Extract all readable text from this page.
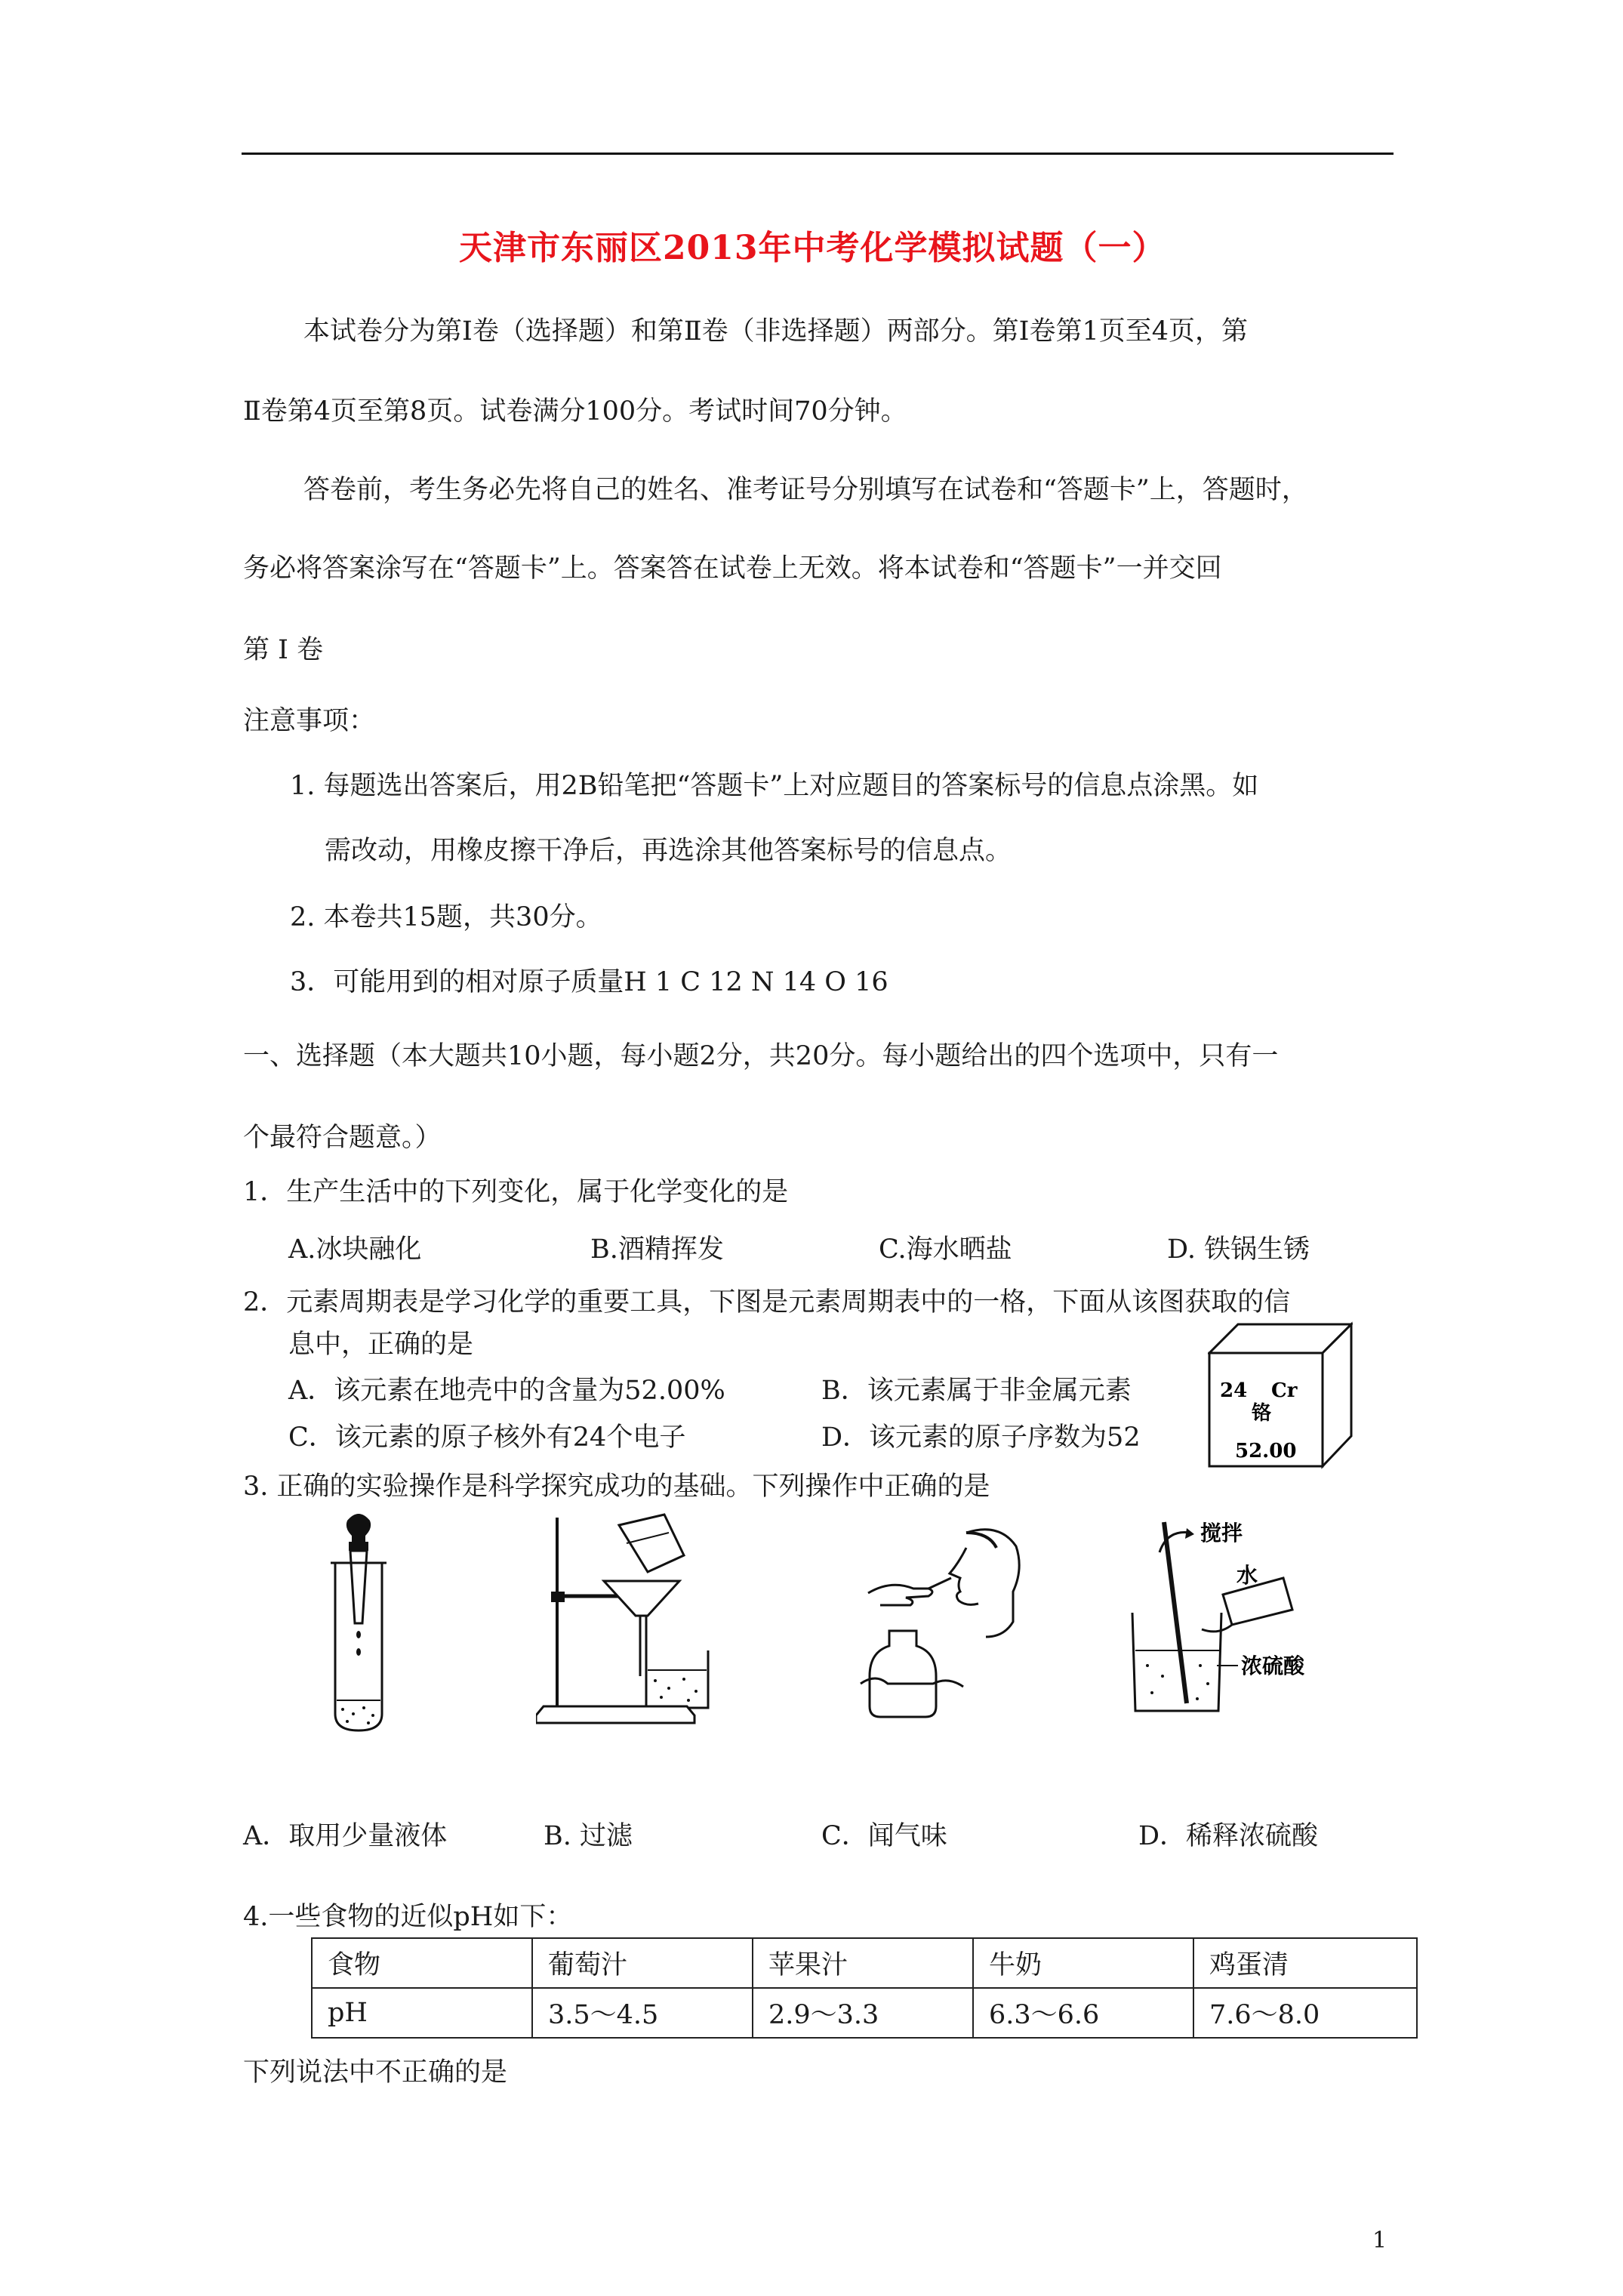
天津市东丽区2013年中考化学模拟试题（一）
本试卷分为第Ⅰ卷（选择题）和第Ⅱ卷（非选择题）两部分。第Ⅰ卷第1页至4页，第
Ⅱ卷第4页至第8页。试卷满分100分。考试时间70分钟。
答卷前，考生务必先将自己的姓名、准考证号分别填写在试卷和“答题卡”上，答题时，
务必将答案涂写在“答题卡”上。答案答在试卷上无效。将本试卷和“答题卡”一并交回
第 Ⅰ 卷
注意事项：
1. 每题选出答案后，用2B铅笔把“答题卡”上对应题目的答案标号的信息点涂黑。如
需改动，用橡皮擦干净后，再选涂其他答案标号的信息点。
2. 本卷共15题，共30分。
3．可能用到的相对原子质量H 1 C 12 N 14 O 16
一、选择题（本大题共10小题，每小题2分，共20分。每小题给出的四个选项中，只有一
个最符合题意。）
1．生产生活中的下列变化，属于化学变化的是
A.冰块融化	B.酒精挥发	C.海水晒盐	D. 铁锅生锈
2．元素周期表是学习化学的重要工具，下图是元素周期表中的一格，下面从该图获取的信
息中，正确的是
A．该元素在地壳中的含量为52.00%	B．该元素属于非金属元素
C．该元素的原子核外有24个电子	D．该元素的原子序数为52
24 Cr
铬
52.00
3. 正确的实验操作是科学探究成功的基础。下列操作中正确的是
搅拌
水
浓硫酸
A．取用少量液体	B. 过滤	C．闻气味	D．稀释浓硫酸
4.一些食物的近似pH如下：
食物	葡萄汁	苹果汁	牛奶	鸡蛋清
pH	3.5～4.5	2.9～3.3	6.3～6.6	7.6～8.0
下列说法中不正确的是
1
